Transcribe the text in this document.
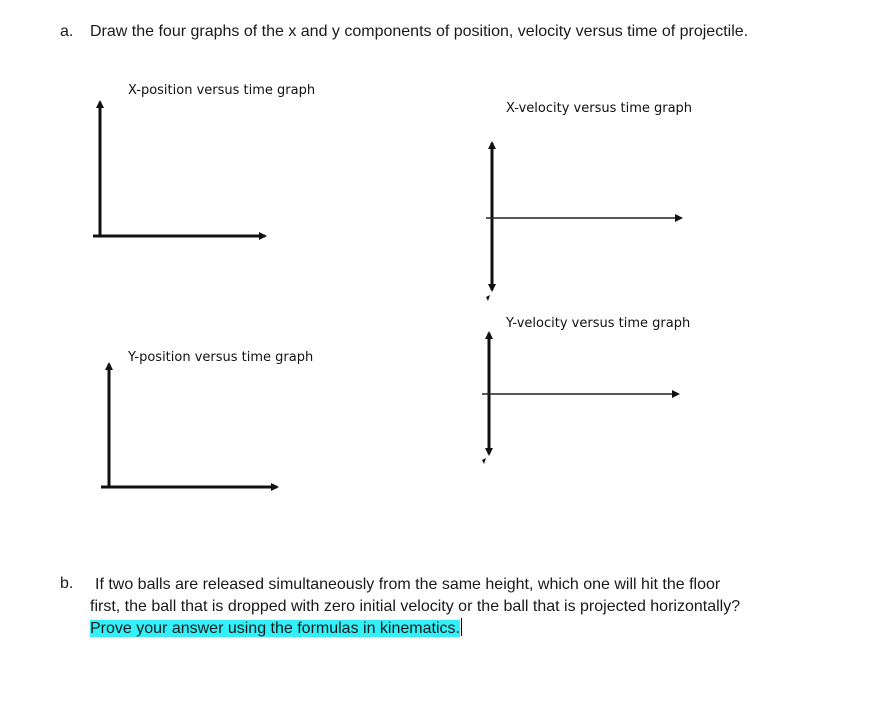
a. Draw the four graphs of the x and y components of position, velocity versus time of projectile.
X-position versus time graph
X-velocity versus time graph
Y-velocity versus time graph
Y-position versus time graph
b.	If two balls are released simultaneously from the same height, which one will hit the floor
first, the ball that is dropped with zero initial velocity or the ball that is projected horizontally?
Prove your answer using the formulas in kinematics.
